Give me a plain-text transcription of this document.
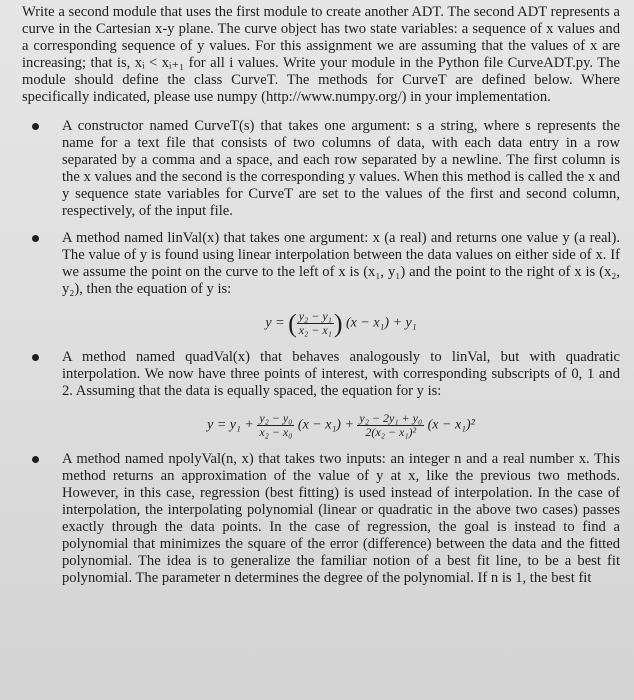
Write a second module that uses the first module to create another ADT. The second ADT represents a curve in the Cartesian x-y plane. The curve object has two state variables: a sequence of x values and a corresponding sequence of y values. For this assignment we are assuming that the values of x are increasing; that is, xᵢ < xᵢ₊₁ for all i values. Write your module in the Python file CurveADT.py. The module should define the class CurveT. The methods for CurveT are defined below. Where specifically indicated, please use numpy (http://www.numpy.org/) in your implementation.

A constructor named CurveT(s) that takes one argument: s a string, where s represents the name for a text file that consists of two columns of data, with each data entry in a row separated by a comma and a space, and each row separated by a newline. The first column is the x values and the second is the corresponding y values. When this method is called the x and y sequence state variables for CurveT are set to the values of the first and second column, respectively, of the input file.

A method named linVal(x) that takes one argument: x (a real) and returns one value y (a real). The value of y is found using linear interpolation between the data values on either side of x. If we assume the point on the curve to the left of x is (x₁, y₁) and the point to the right of x is (x₂, y₂), then the equation of y is:

y = ( $\frac{\text{y₂ − y₁}}{\text{x₂ − x₁}}$ ) (x − x₁) + y₁

A method named quadVal(x) that behaves analogously to linVal, but with quadratic interpolation. We now have three points of interest, with corresponding subscripts of 0, 1 and 2. Assuming that the data is equally spaced, the equation for y is:

$y = y_1 + \frac{\text{y₂ − y₀}}{\text{x₂ − x₀}} (x - x_1) + \frac{\text{y₂ − 2y₁ + y₀}}{\text{2(x₂ − x₁)²}} (x - x_1)^2$

A method named npolyVal(n, x) that takes two inputs: an integer n and a real number x. This method returns an approximation of the value of y at x, like the previous two methods. However, in this case, regression (best fitting) is used instead of interpolation. In the case of interpolation, the interpolating polynomial (linear or quadratic in the above two cases) passes exactly through the data points. In the case of regression, the goal is instead to find a polynomial that minimizes the square of the error (difference) between the data and the fitted polynomial. The idea is to generalize the familiar notion of a best fit line, to be a best fit polynomial. The parameter n determines the degree of the polynomial. If n is 1, the best fit
